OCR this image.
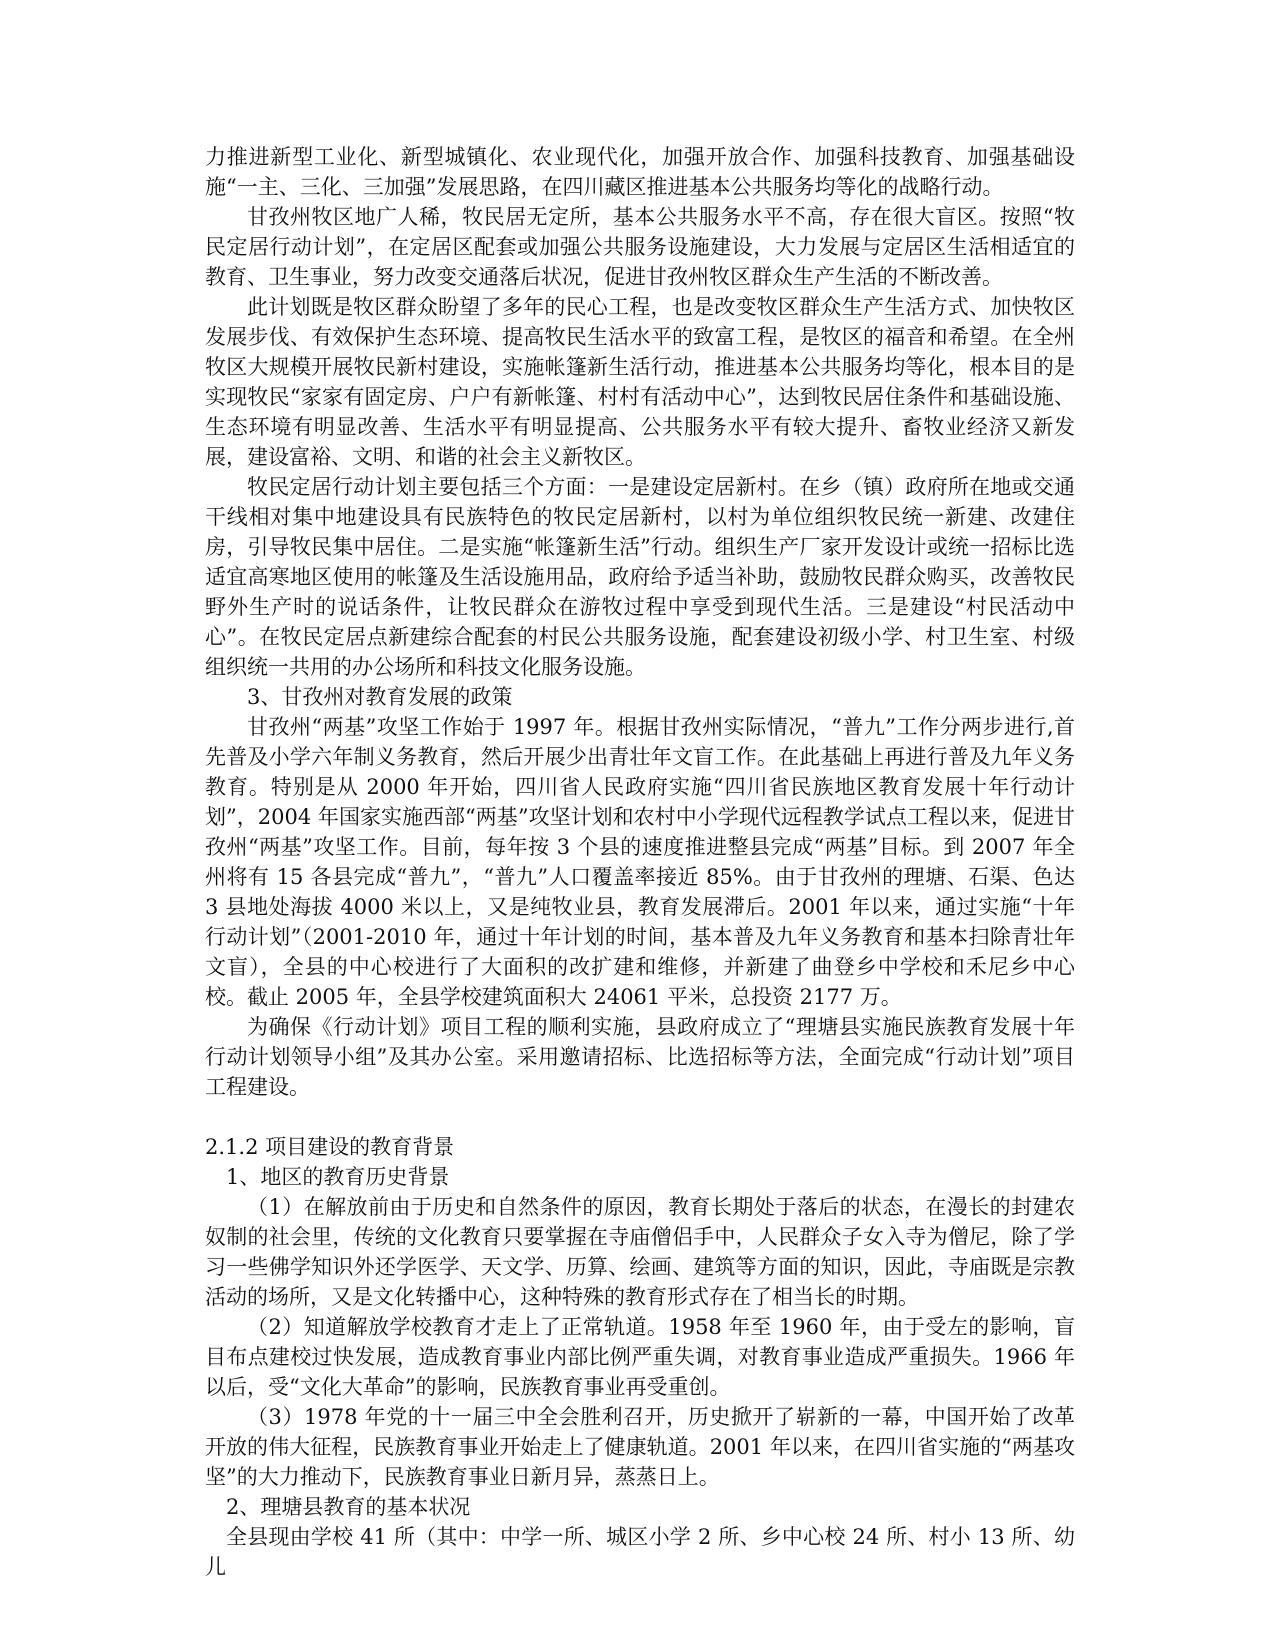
力推进新型工业化、新型城镇化、农业现代化，加强开放合作、加强科技教育、加强基础设施“一主、三化、三加强”发展思路，在四川藏区推进基本公共服务均等化的战略行动。

甘孜州牧区地广人稀，牧民居无定所，基本公共服务水平不高，存在很大盲区。按照“牧民定居行动计划”，在定居区配套或加强公共服务设施建设，大力发展与定居区生活相适宜的教育、卫生事业，努力改变交通落后状况，促进甘孜州牧区群众生产生活的不断改善。

此计划既是牧区群众盼望了多年的民心工程，也是改变牧区群众生产生活方式、加快牧区发展步伐、有效保护生态环境、提高牧民生活水平的致富工程，是牧区的福音和希望。在全州牧区大规模开展牧民新村建设，实施帐篷新生活行动，推进基本公共服务均等化，根本目的是实现牧民“家家有固定房、户户有新帐篷、村村有活动中心”，达到牧民居住条件和基础设施、生态环境有明显改善、生活水平有明显提高、公共服务水平有较大提升、畜牧业经济又新发展，建设富裕、文明、和谐的社会主义新牧区。

牧民定居行动计划主要包括三个方面：一是建设定居新村。在乡（镇）政府所在地或交通干线相对集中地建设具有民族特色的牧民定居新村，以村为单位组织牧民统一新建、改建住房，引导牧民集中居住。二是实施“帐篷新生活”行动。组织生产厂家开发设计或统一招标比选适宜高寒地区使用的帐篷及生活设施用品，政府给予适当补助，鼓励牧民群众购买，改善牧民野外生产时的说话条件，让牧民群众在游牧过程中享受到现代生活。三是建设“村民活动中心”。在牧民定居点新建综合配套的村民公共服务设施，配套建设初级小学、村卫生室、村级组织统一共用的办公场所和科技文化服务设施。

3、甘孜州对教育发展的政策

甘孜州“两基”攻坚工作始于 1997 年。根据甘孜州实际情况，“普九”工作分两步进行,首先普及小学六年制义务教育，然后开展少出青壮年文盲工作。在此基础上再进行普及九年义务教育。特别是从 2000 年开始，四川省人民政府实施“四川省民族地区教育发展十年行动计划”，2004 年国家实施西部“两基”攻坚计划和农村中小学现代远程教学试点工程以来，促进甘孜州“两基”攻坚工作。目前，每年按 3 个县的速度推进整县完成“两基”目标。到 2007 年全州将有 15 各县完成“普九”，“普九”人口覆盖率接近 85%。由于甘孜州的理塘、石渠、色达 3 县地处海拔 4000 米以上，又是纯牧业县，教育发展滞后。2001 年以来，通过实施“十年行动计划”（2001-2010 年，通过十年计划的时间，基本普及九年义务教育和基本扫除青壮年文盲），全县的中心校进行了大面积的改扩建和维修，并新建了曲登乡中学校和禾尼乡中心校。截止 2005 年，全县学校建筑面积大 24061 平米，总投资 2177 万。

为确保《行动计划》项目工程的顺利实施，县政府成立了“理塘县实施民族教育发展十年行动计划领导小组”及其办公室。采用邀请招标、比选招标等方法，全面完成“行动计划”项目工程建设。

2.1.2 项目建设的教育背景

1、地区的教育历史背景

（1）在解放前由于历史和自然条件的原因，教育长期处于落后的状态，在漫长的封建农奴制的社会里，传统的文化教育只要掌握在寺庙僧侣手中，人民群众子女入寺为僧尼，除了学习一些佛学知识外还学医学、天文学、历算、绘画、建筑等方面的知识，因此，寺庙既是宗教活动的场所，又是文化转播中心，这种特殊的教育形式存在了相当长的时期。

（2）知道解放学校教育才走上了正常轨道。1958 年至 1960 年，由于受左的影响，盲目布点建校过快发展，造成教育事业内部比例严重失调，对教育事业造成严重损失。1966 年以后，受“文化大革命”的影响，民族教育事业再受重创。

（3）1978 年党的十一届三中全会胜利召开，历史掀开了崭新的一幕，中国开始了改革开放的伟大征程，民族教育事业开始走上了健康轨道。2001 年以来，在四川省实施的“两基攻坚”的大力推动下，民族教育事业日新月异，蒸蒸日上。

2、理塘县教育的基本状况

全县现由学校 41 所（其中：中学一所、城区小学 2 所、乡中心校 24 所、村小 13 所、幼儿
